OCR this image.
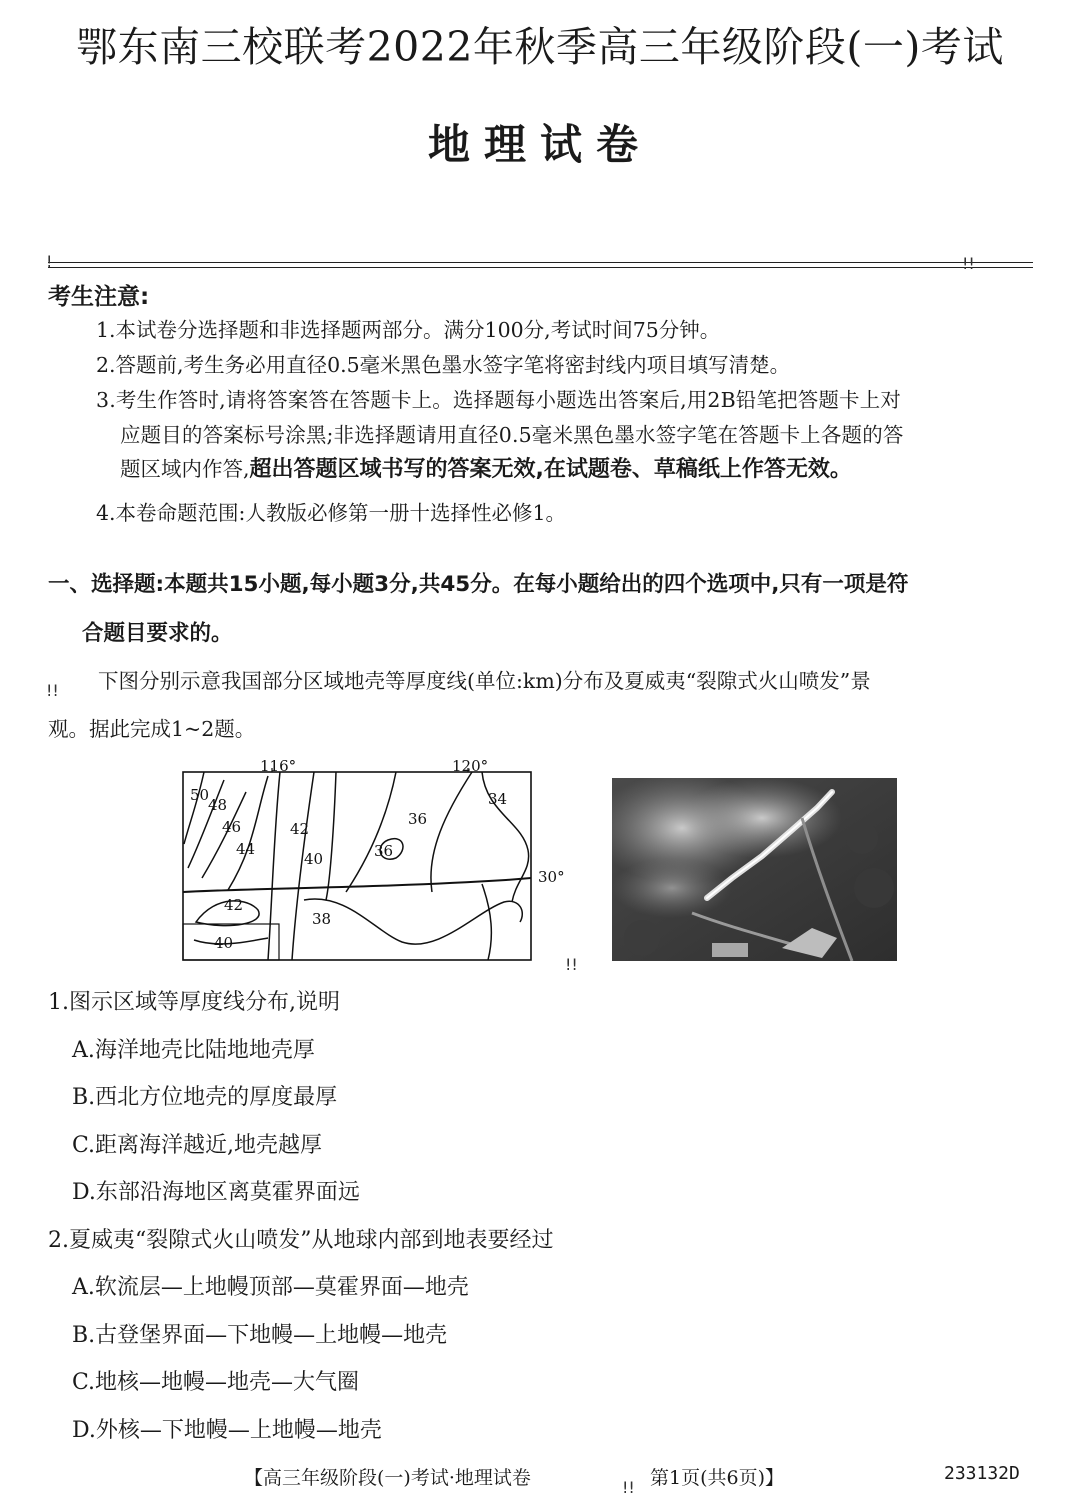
鄂东南三校联考2022年秋季高三年级阶段(一)考试
地理试卷
!	!!
考生注意:
1.本试卷分选择题和非选择题两部分。满分100分,考试时间75分钟。
2.答题前,考生务必用直径0.5毫米黑色墨水签字笔将密封线内项目填写清楚。
3.考生作答时,请将答案答在答题卡上。选择题每小题选出答案后,用2B铅笔把答题卡上对
应题目的答案标号涂黑;非选择题请用直径0.5毫米黑色墨水签字笔在答题卡上各题的答
题区域内作答,超出答题区域书写的答案无效,在试题卷、草稿纸上作答无效。
4.本卷命题范围:人教版必修第一册十选择性必修1。
一、选择题:本题共15小题,每小题3分,共45分。在每小题给出的四个选项中,只有一项是符
合题目要求的。
!! 下图分别示意我国部分区域地壳等厚度线(单位:km)分布及夏威夷“裂隙式火山喷发”景
观。据此完成1~2题。
116°	120°
30°
50
48
46
44
42
40
36
36
34
42
38
40
!!
1.图示区域等厚度线分布,说明
A.海洋地壳比陆地地壳厚
B.西北方位地壳的厚度最厚
C.距离海洋越近,地壳越厚
D.东部沿海地区离莫霍界面远
2.夏威夷“裂隙式火山喷发”从地球内部到地表要经过
A.软流层—上地幔顶部—莫霍界面—地壳
B.古登堡界面—下地幔—上地幔—地壳
C.地核—地幔—地壳—大气圈
D.外核—下地幔—上地幔—地壳
【高三年级阶段(一)考试·地理试卷	第1页(共6页)】	233132D
!!
